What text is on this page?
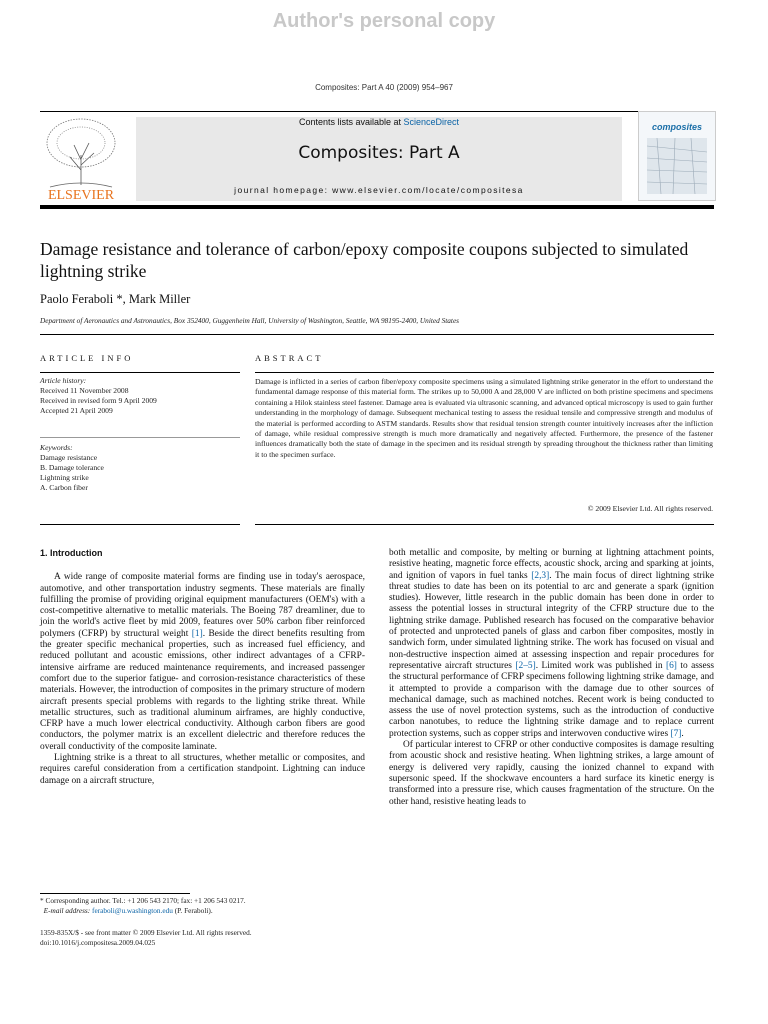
Author's personal copy
Composites: Part A 40 (2009) 954–967
ELSEVIER
Contents lists available at ScienceDirect
Composites: Part A
journal homepage: www.elsevier.com/locate/compositesa
composites
Damage resistance and tolerance of carbon/epoxy composite coupons subjected to simulated lightning strike
Paolo Feraboli *, Mark Miller
Department of Aeronautics and Astronautics, Box 352400, Guggenheim Hall, University of Washington, Seattle, WA 98195-2400, United States
ARTICLE INFO	ABSTRACT
Article history:
Received 11 November 2008
Received in revised form 9 April 2009
Accepted 21 April 2009
Keywords:
Damage resistance
B. Damage tolerance
Lightning strike
A. Carbon fiber
Damage is inflicted in a series of carbon fiber/epoxy composite specimens using a simulated lightning strike generator in the effort to understand the fundamental damage response of this material form. The strikes up to 50,000 A and 28,000 V are inflicted on both pristine specimens and specimens containing a Hilok stainless steel fastener. Damage area is evaluated via ultrasonic scanning, and advanced optical microscopy is used to gain further understanding in the morphology of damage. Subsequent mechanical testing to assess the residual tensile and compressive strength and modulus of the material is performed according to ASTM standards. Results show that residual tension strength counter intuitively increases after the infliction of damage, while residual compressive strength is much more dramatically and negatively affected. Furthermore, the presence of the fastener influences dramatically both the state of damage in the specimen and its residual strength by spreading throughout the thickness rather than limiting it to the specimen surface.
© 2009 Elsevier Ltd. All rights reserved.

1. Introduction

A wide range of composite material forms are finding use in today's aerospace, automotive, and other transportation industry segments. These materials are finally fulfilling the promise of providing original equipment manufacturers (OEM's) with a cost-competitive alternative to metallic materials. The Boeing 787 dreamliner, due to join the world's active fleet by mid 2009, features over 50% carbon fiber reinforced polymers (CFRP) by structural weight [1]. Beside the direct benefits resulting from the greater specific mechanical properties, such as increased fuel efficiency, and reduced pollutant and acoustic emissions, other indirect advantages of a CFRP-intensive airframe are reduced maintenance requirements, and increased passenger comfort due to the superior fatigue- and corrosion-resistance characteristics of these materials. However, the introduction of composites in the primary structure of modern aircraft presents special problems with regards to the lighting strike threat. While metallic structures, such as traditional aluminum airframes, are highly conductive, CFRP have a much lower electrical conductivity. Although carbon fibers are good conductors, the polymer matrix is an excellent dielectric and therefore reduces the overall conductivity of the composite laminate.

Lightning strike is a threat to all structures, whether metallic or composites, and requires careful consideration from a certification standpoint. Lightning can induce damage on a aircraft structure,

both metallic and composite, by melting or burning at lightning attachment points, resistive heating, magnetic force effects, acoustic shock, arcing and sparking at joints, and ignition of vapors in fuel tanks [2,3]. The main focus of direct lightning strike threat studies to date has been on its potential to arc and generate a spark (ignition studies). However, little research in the public domain has been done in order to assess the potential losses in structural integrity of the CFRP structure due to the lightning strike damage. Published research has focused on the comparative behavior of protected and unprotected panels of glass and carbon fiber composites, mostly in sandwich form, under simulated lightning strike. The work has focused on visual and non-destructive inspection aimed at assessing inspection and repair procedures for representative aircraft structures [2–5]. Limited work was published in [6] to assess the structural performance of CFRP specimens following lightning strike damage, and it attempted to provide a comparison with the damage due to other sources of mechanical damage, such as machined notches. Recent work is being conducted to assess the use of novel protection systems, such as the introduction of conductive carbon nanotubes, to reduce the lightning strike damage and to replace current protection systems, such as copper strips and interwoven conductive wires [7].

Of particular interest to CFRP or other conductive composites is damage resulting from acoustic shock and resistive heating. When lightning strikes, a large amount of energy is delivered very rapidly, causing the ionized channel to expand with supersonic speed. If the shockwave encounters a hard surface its kinetic energy is transformed into a pressure rise, which causes fragmentation of the structure. On the other hand, resistive heating leads to

* Corresponding author. Tel.: +1 206 543 2170; fax: +1 206 543 0217.
E-mail address: feraboli@u.washington.edu (P. Feraboli).
1359-835X/$ - see front matter © 2009 Elsevier Ltd. All rights reserved.
doi:10.1016/j.compositesa.2009.04.025
